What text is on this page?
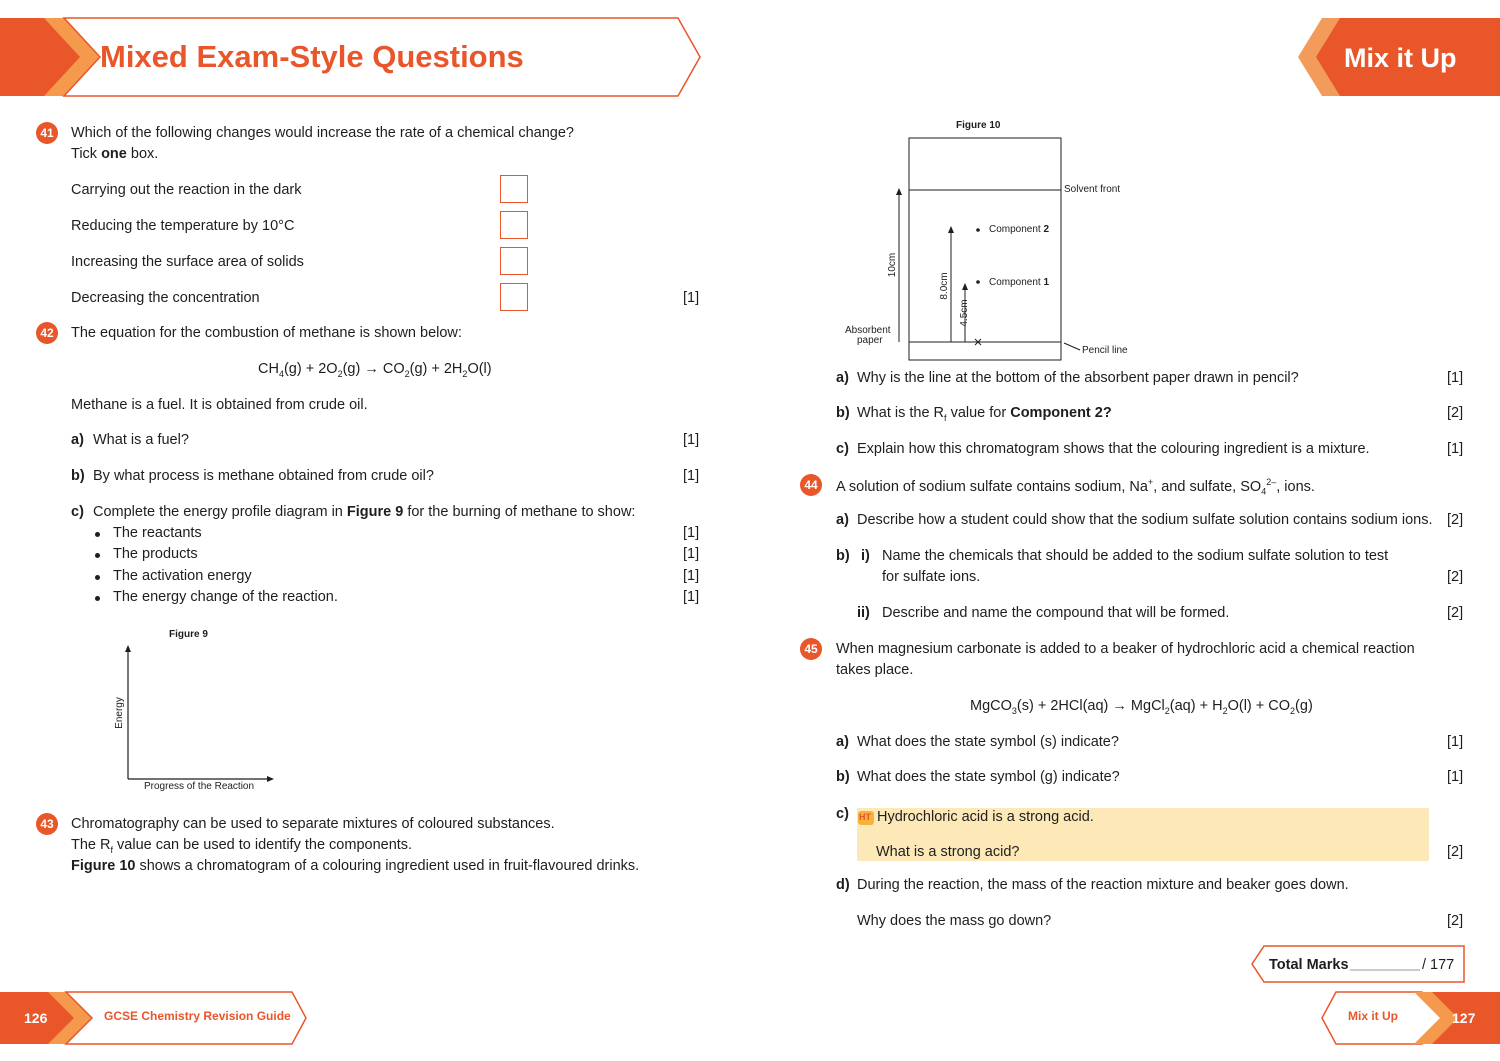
Mixed Exam-Style Questions	Mix it Up
41 Which of the following changes would increase the rate of a chemical change?
Tick one box.
Carrying out the reaction in the dark
Reducing the temperature by 10°C
Increasing the surface area of solids
Decreasing the concentration	[1]
42 The equation for the combustion of methane is shown below:
$CH_4(g) + 2O_2(g) \to CO_2(g) + 2H_2O(l)$
Methane is a fuel. It is obtained from crude oil.
a) What is a fuel?	[1]
b) By what process is methane obtained from crude oil?	[1]
c) Complete the energy profile diagram in Figure 9 for the burning of methane to show:
The reactants	[1]
The products	[1]
The activation energy	[1]
The energy change of the reaction.	[1]
Figure 9
Energy
Progress of the Reaction
43 Chromatography can be used to separate mixtures of coloured substances.
The $R_f$ value can be used to identify the components.
Figure 10 shows a chromatogram of a colouring ingredient used in fruit-flavoured drinks.
Figure 10
Solvent front
Component 2
Component 1
Absorbent
paper
Pencil line
10cm
8.0cm
4.5cm
a) Why is the line at the bottom of the absorbent paper drawn in pencil?	[1]
b) What is the $R_f$ value for Component 2?	[2]
c) Explain how this chromatogram shows that the colouring ingredient is a mixture.	[1]
44 A solution of sodium sulfate contains sodium, Na+, and sulfate, $SO_4^{2-}$, ions.
a) Describe how a student could show that the sodium sulfate solution contains sodium ions. [2]
b) i) Name the chemicals that should be added to the sodium sulfate solution to test
for sulfate ions.	[2]
ii) Describe and name the compound that will be formed.	[2]
45 When magnesium carbonate is added to a beaker of hydrochloric acid a chemical reaction
takes place.
MgCO$_3$(s) + 2HCl(aq) → MgCl$_2$(aq) + $H_2O(l) + CO_2(g)$
a) What does the state symbol (s) indicate?	[1]
b) What does the state symbol (g) indicate?	[1]
c) HT Hydrochloric acid is a strong acid.
What is a strong acid?	[2]
d) During the reaction, the mass of the reaction mixture and beaker goes down.
Why does the mass go down?	[2]
Total Marks	/ 177
126	GCSE Chemistry Revision Guide	Mix it Up	127
